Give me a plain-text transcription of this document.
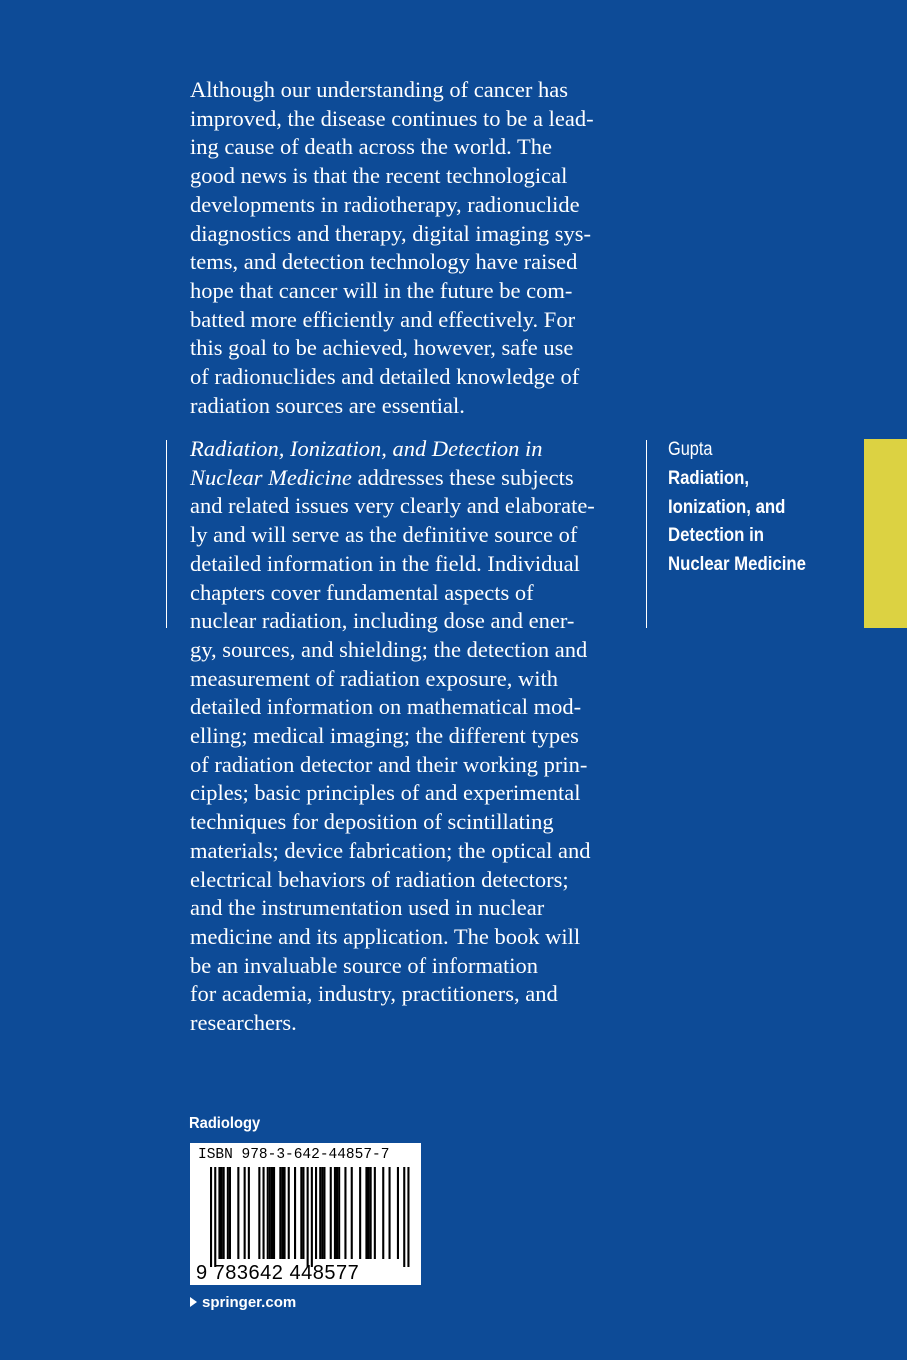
Although our understanding of cancer has
improved, the disease continues to be a lead-
ing cause of death across the world. The
good news is that the recent technological
developments in radiotherapy, radionuclide
diagnostics and therapy, digital imaging sys-
tems, and detection technology have raised
hope that cancer will in the future be com-
batted more efficiently and effectively. For
this goal to be achieved, however, safe use
of radionuclides and detailed knowledge of
radiation sources are essential.
Radiation, Ionization, and Detection in
Nuclear Medicine addresses these subjects
and related issues very clearly and elaborate-
ly and will serve as the definitive source of
detailed information in the field. Individual
chapters cover fundamental aspects of
nuclear radiation, including dose and ener-
gy, sources, and shielding; the detection and
measurement of radiation exposure, with
detailed information on mathematical mod-
elling; medical imaging; the different types
of radiation detector and their working prin-
ciples; basic principles of and experimental
techniques for deposition of scintillating
materials; device fabrication; the optical and
electrical behaviors of radiation detectors;
and the instrumentation used in nuclear
medicine and its application. The book will
be an invaluable source of information
for academia, industry, practitioners, and
researchers.
Gupta
Radiation,
Ionization, and
Detection in
Nuclear Medicine
Radiology
ISBN 978-3-642-44857-7
9 783642 448577
springer.com
